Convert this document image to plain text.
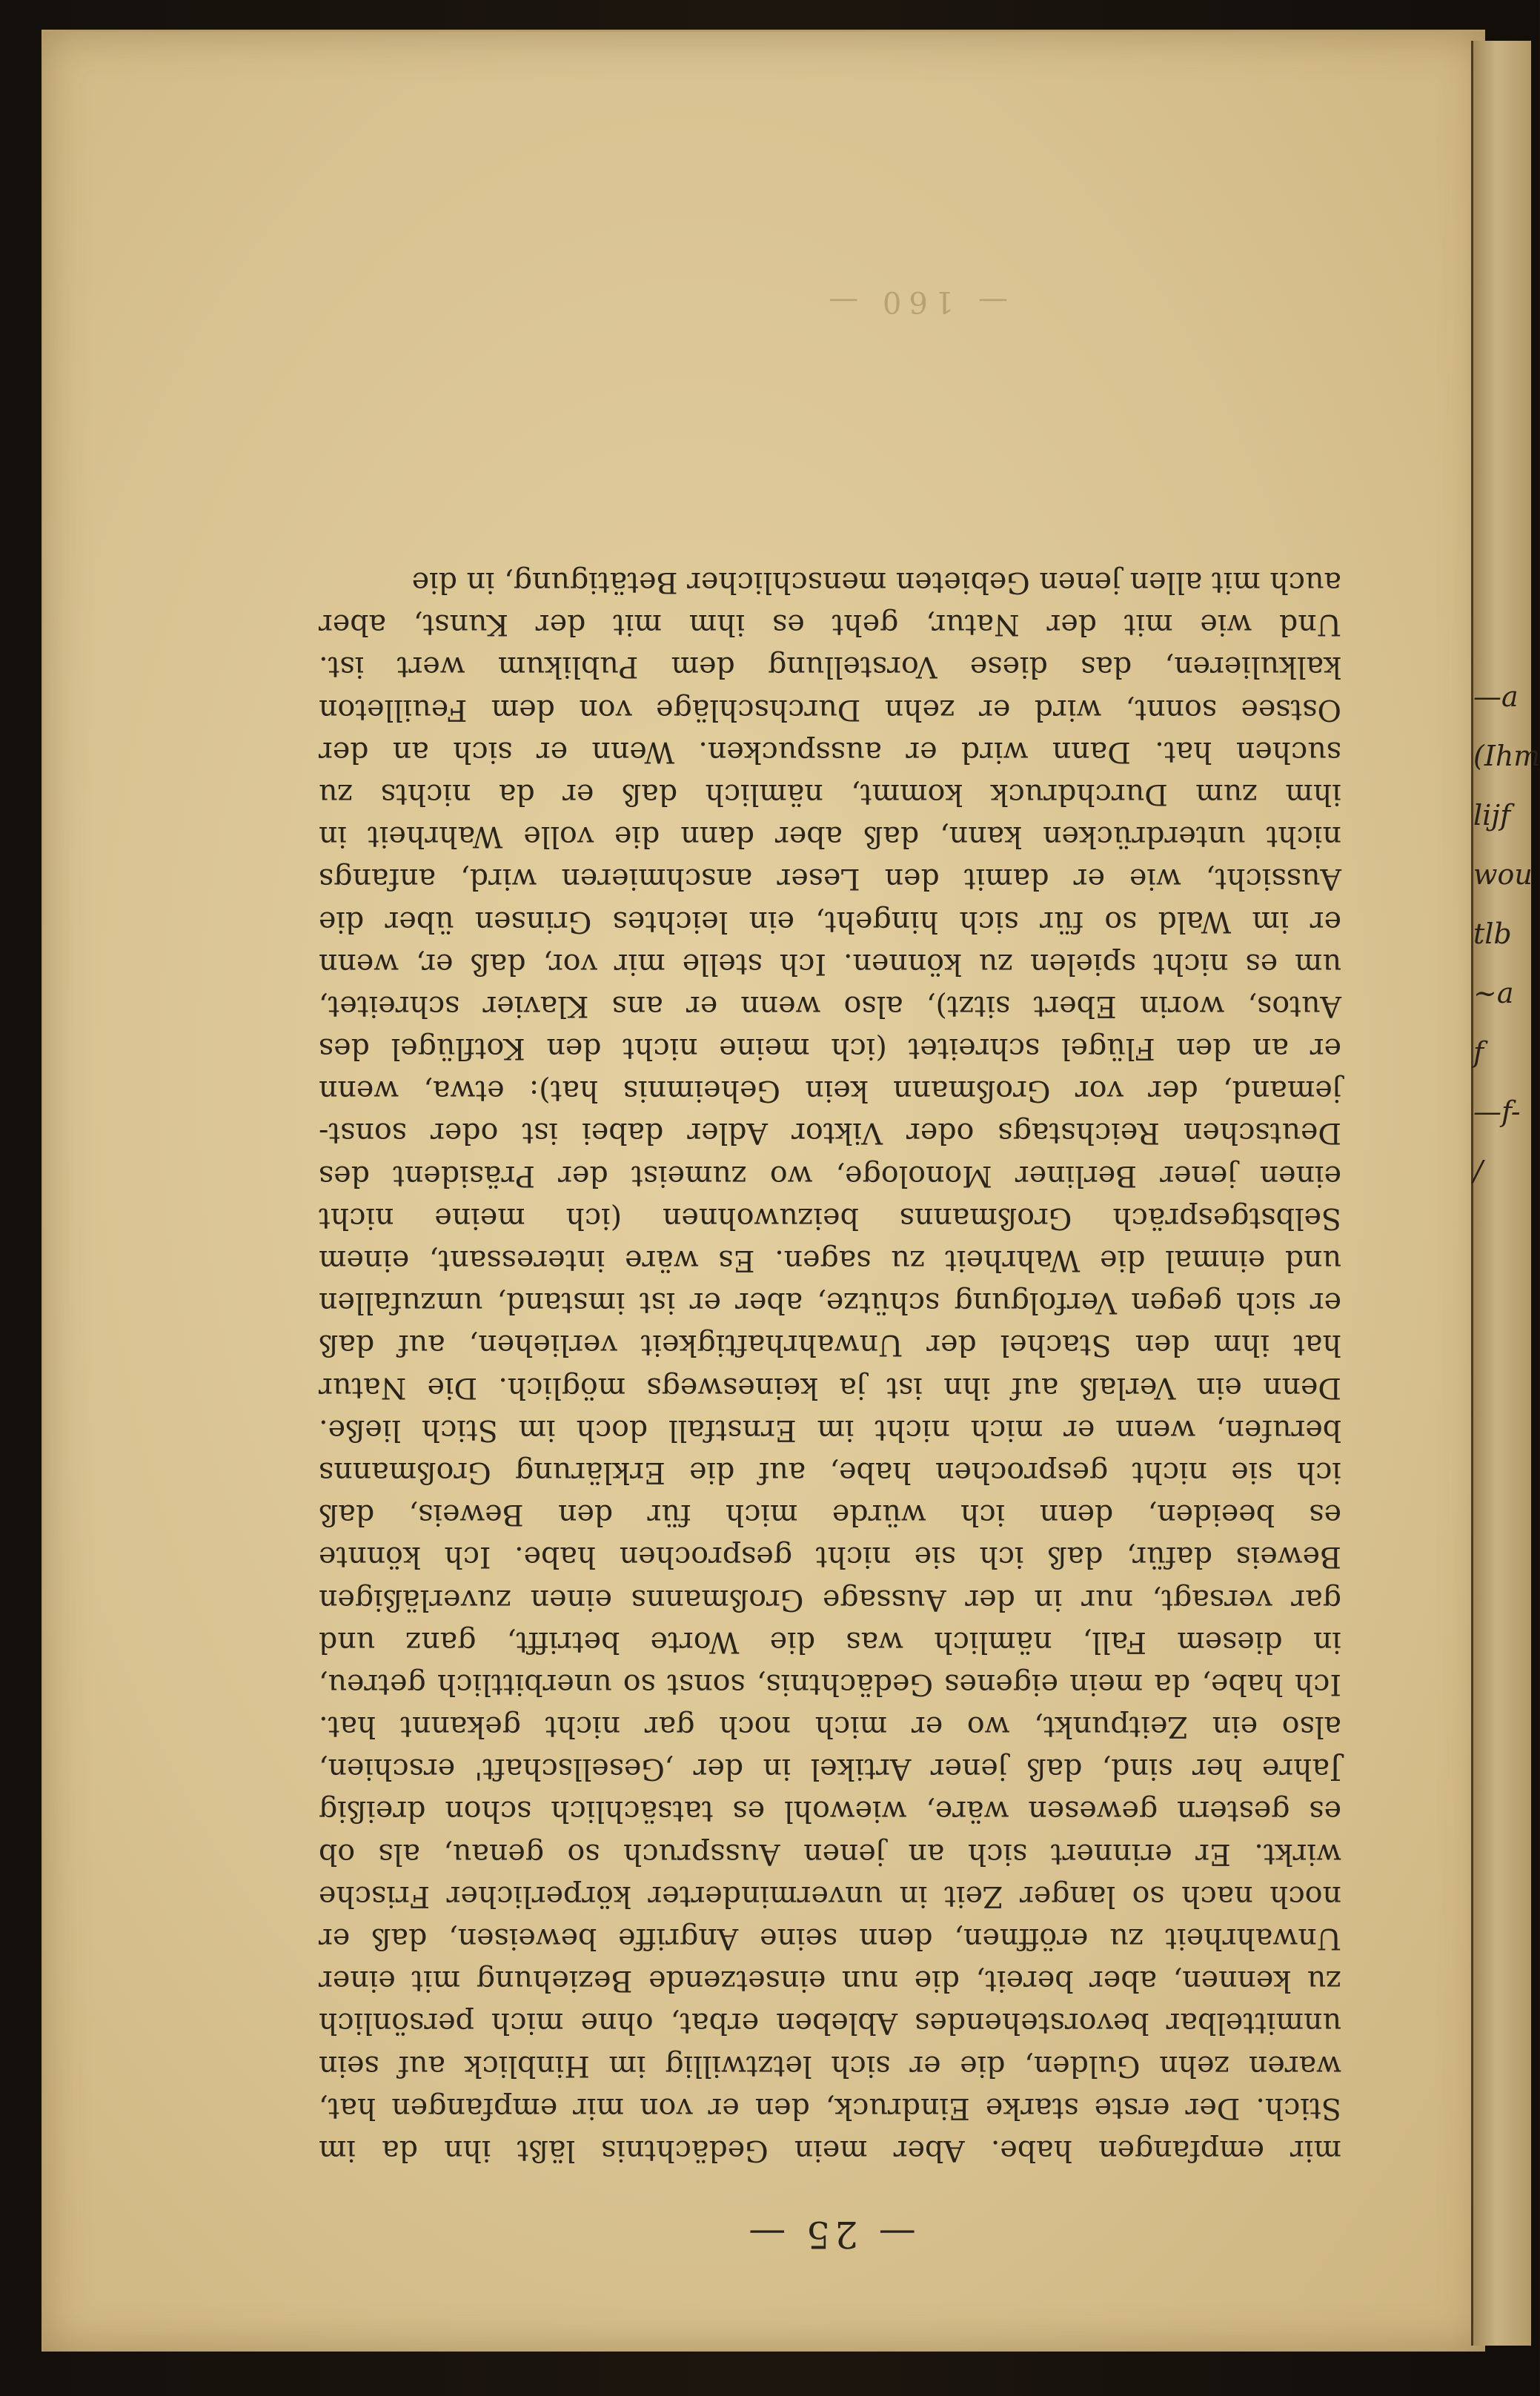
—a
(Ihm
lijf
wou
tlb
~a
f
—f-
/
— 160 —
— 25 —
mir empfangen habe. Aber mein Gedächtnis läßt ihn da im
Stich. Der erste starke Eindruck, den er von mir empfangen hat,
waren zehn Gulden, die er sich letztwillig im Hinblick auf sein
unmittelbar bevorstehendes Ableben erbat, ohne mich persönlich
zu kennen, aber bereit, die nun einsetzende Beziehung mit einer
Unwahrheit zu eröffnen, denn seine Angriffe beweisen, daß er
noch nach so langer Zeit in unverminderter körperlicher Frische
wirkt. Er erinnert sich an jenen Ausspruch so genau, als ob
es gestern gewesen wäre, wiewohl es tatsächlich schon dreißig
Jahre her sind, daß jener Artikel in der ‚Gesellschaft' erschien,
also ein Zeitpunkt, wo er mich noch gar nicht gekannt hat.
Ich habe, da mein eigenes Gedächtnis, sonst so unerbittlich getreu,
in diesem Fall, nämlich was die Worte betrifft, ganz und
gar versagt, nur in der Aussage Großmanns einen zuverläßigen
Beweis dafür, daß ich sie nicht gesprochen habe. Ich könnte
es beeiden, denn ich würde mich für den Beweis, daß
ich sie nicht gesprochen habe, auf die Erklärung Großmanns
berufen, wenn er mich nicht im Ernstfall doch im Stich ließe.
Denn ein Verlaß auf ihn ist ja keineswegs möglich. Die Natur
hat ihm den Stachel der Unwahrhaftigkeit verliehen, auf daß
er sich gegen Verfolgung schütze, aber er ist imstand, umzufallen
und einmal die Wahrheit zu sagen. Es wäre interessant, einem
Selbstgespräch Großmanns beizuwohnen (ich meine nicht
einen jener Berliner Monologe, wo zumeist der Präsident des
Deutschen Reichstags oder Viktor Adler dabei ist oder sonst-
jemand, der vor Großmann kein Geheimnis hat): etwa, wenn
er an den Flügel schreitet (ich meine nicht den Kotflügel des
Autos, worin Ebert sitzt), also wenn er ans Klavier schreitet,
um es nicht spielen zu können. Ich stelle mir vor, daß er, wenn
er im Wald so für sich hingeht, ein leichtes Grinsen über die
Aussicht, wie er damit den Leser anschmieren wird, anfangs
nicht unterdrücken kann, daß aber dann die volle Wahrheit in
ihm zum Durchdruck kommt, nämlich daß er da nichts zu
suchen hat. Dann wird er ausspucken. Wenn er sich an der
Ostsee sonnt, wird er zehn Durchschläge von dem Feuilleton
kalkulieren, das diese Vorstellung dem Publikum wert ist.
Und wie mit der Natur, geht es ihm mit der Kunst, aber
auch mit allen jenen Gebieten menschlicher Betätigung, in die
